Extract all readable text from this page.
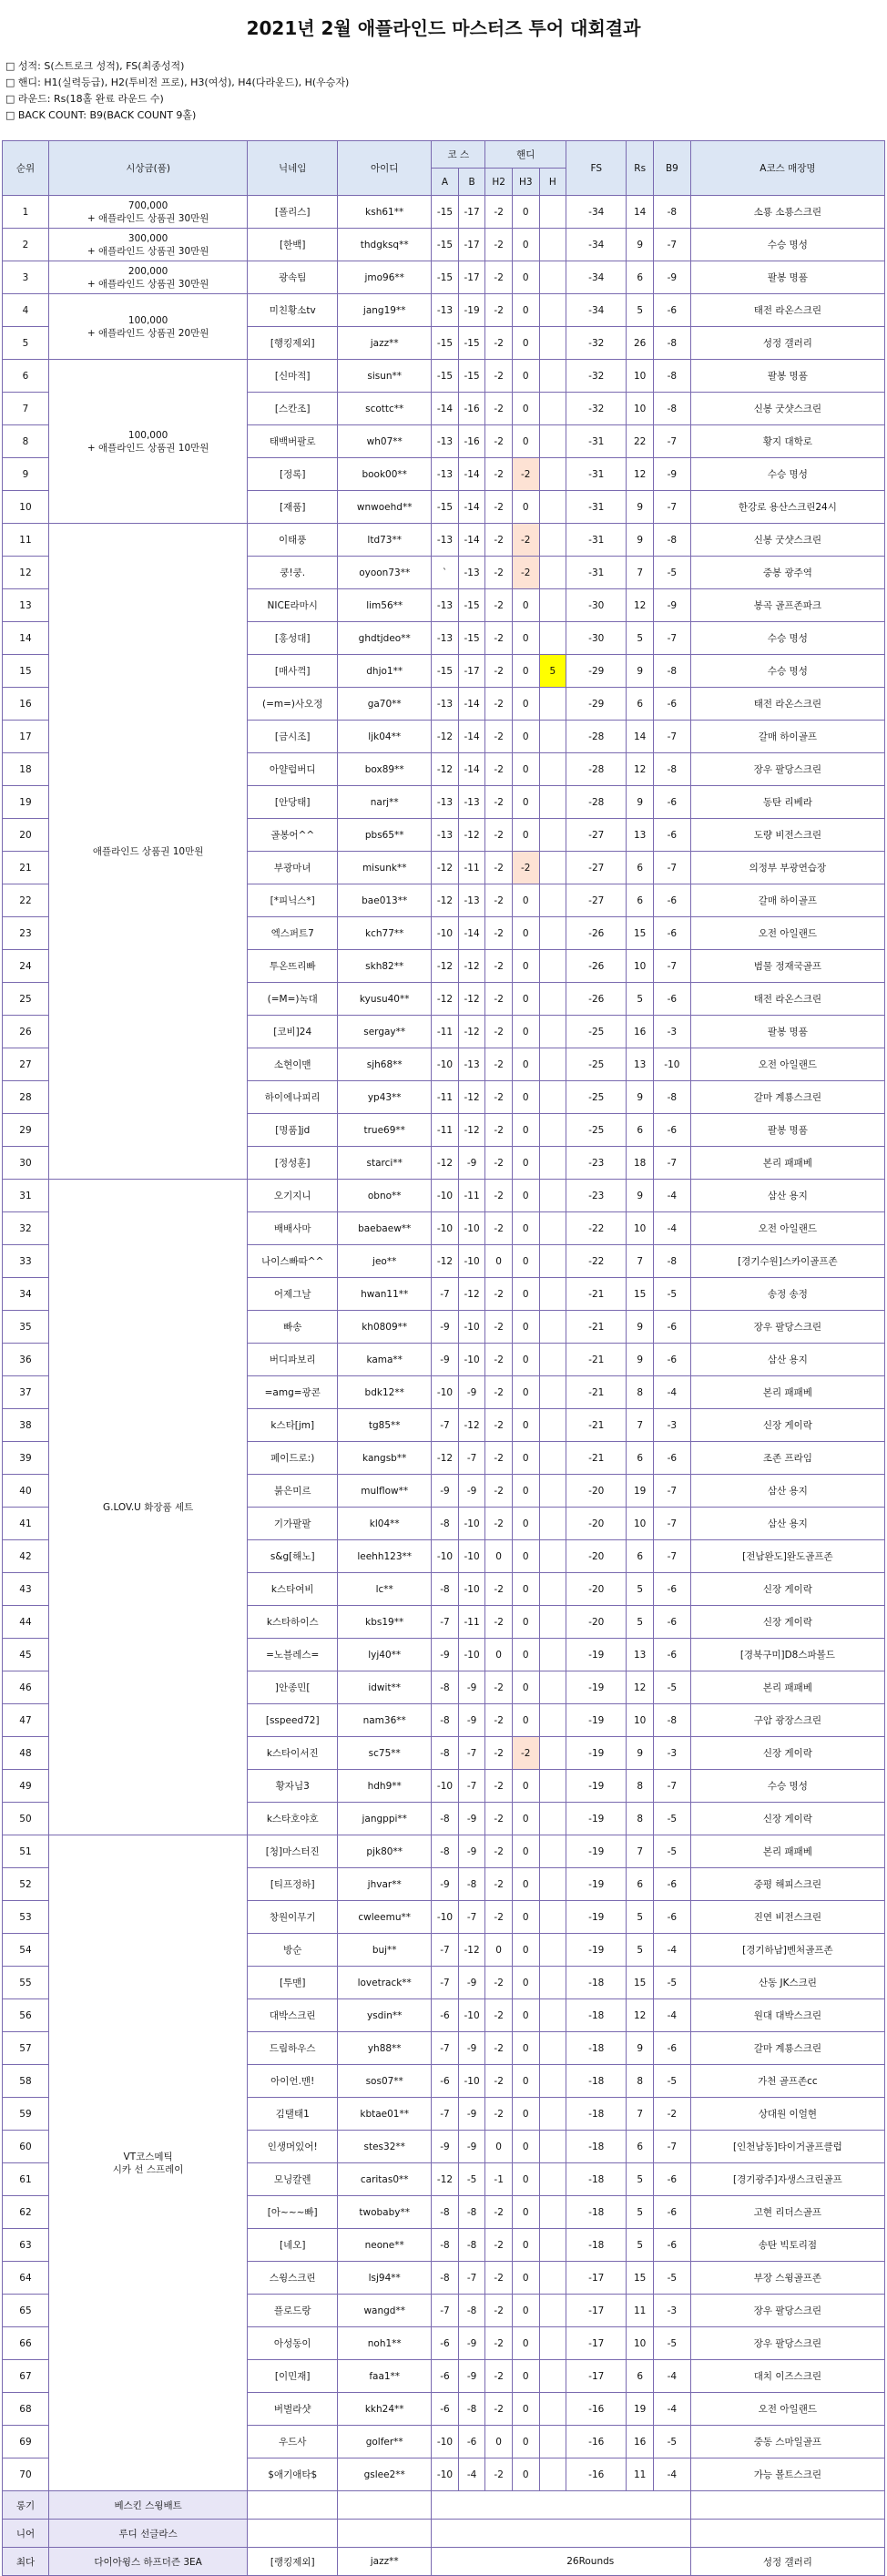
2021년 2월 애플라인드 마스터즈 투어 대회결과
□ 성적: S(스트로크 성적), FS(최종성적)
□ 핸디: H1(실력등급), H2(투비전 프로), H3(여성), H4(다라운드), H(우승자)
□ 라운드: Rs(18홀 완료 라운드 수)
□ BACK COUNT: B9(BACK COUNT 9홀)
순위	시상금(품)	닉네임	아이디	코 스		핸디			FS	Rs	B9	A코스 매장명
				A	B	H2	H3	H				
1	700,000
+ 애플라인드 상품권 30만원	[폴리스]	ksh61**	-15	-17	-2	0		-34	14	-8	소룡 소룡스크린
2	300,000
+ 애플라인드 상품권 30만원	[한백]	thdgksq**	-15	-17	-2	0		-34	9	-7	수승 명성
3	200,000
+ 애플라인드 상품권 30만원	광속팀	jmo96**	-15	-17	-2	0		-34	6	-9	팔봉 명품
4	100,000
+ 애플라인드 상품권 20만원	미친황소tv	jang19**	-13	-19	-2	0		-34	5	-6	태전 라온스크린
5		[행킹제외]	jazz**	-15	-15	-2	0		-32	26	-8	성정 갤러리
6	100,000
+ 애플라인드 상품권 10만원	[신마적]	sisun**	-15	-15	-2	0		-32	10	-8	팔봉 명품
7		[스칸조]	scottc**	-14	-16	-2	0		-32	10	-8	신봉 굿샷스크린
8		태백버팔로	wh07**	-13	-16	-2	0		-31	22	-7	황지 대학로
9		[정록]	book00**	-13	-14	-2	-2		-31	12	-9	수승 명성
10		[재품]	wnwoehd**	-15	-14	-2	0		-31	9	-7	한강로 용산스크린24시
11	애플라인드 상품권 10만원	이태풍	ltd73**	-13	-14	-2	-2		-31	9	-8	신봉 굿샷스크린
12		쿵!쿵.	oyoon73**	`	-13	-2	-2		-31	7	-5	중봉 광주역
13		NICE라마시	lim56**	-13	-15	-2	0		-30	12	-9	봉곡 골프존파크
14		[홍성대]	ghdtjdeo**	-13	-15	-2	0		-30	5	-7	수승 명성
15		[매사꺽]	dhjo1**	-15	-17	-2	0	5	-29	9	-8	수승 명성
16		(=m=)사오정	ga70**	-13	-14	-2	0		-29	6	-6	태전 라온스크린
17		[금시조]	ljk04**	-12	-14	-2	0		-28	14	-7	갈매 하이골프
18		아얄럽버디	box89**	-12	-14	-2	0		-28	12	-8	장우 팔당스크린
19		[안당태]	narj**	-13	-13	-2	0		-28	9	-6	동탄 리베라
20		골봉어^^	pbs65**	-13	-12	-2	0		-27	13	-6	도량 비전스크린
21		부광마녀	misunk**	-12	-11	-2	-2		-27	6	-7	의정부 부광연습장
22		[*피닉스*]	bae013**	-12	-13	-2	0		-27	6	-6	갈매 하이골프
23		엑스퍼트7	kch77**	-10	-14	-2	0		-26	15	-6	오전 아일랜드
24		투온뜨리빠	skh82**	-12	-12	-2	0		-26	10	-7	범물 정재국골프
25		(=M=)녹대	kyusu40**	-12	-12	-2	0		-26	5	-6	태전 라온스크린
26		[코비]24	sergay**	-11	-12	-2	0		-25	16	-3	팔봉 명품
27		소현이맨	sjh68**	-10	-13	-2	0		-25	13	-10	오전 아일랜드
28		하이에나피리	yp43**	-11	-12	-2	0		-25	9	-8	갈마 계룡스크린
29		[명품]jd	true69**	-11	-12	-2	0		-25	6	-6	팔봉 명품
30		[정성훈]	starci**	-12	-9	-2	0		-23	18	-7	본리 패패베
31	G.LOV.U 화장품 세트	오기지니	obno**	-10	-11	-2	0		-23	9	-4	삼산 용지
32		배배사마	baebaew**	-10	-10	-2	0		-22	10	-4	오전 아일랜드
33		나이스빠따^^	jeo**	-12	-10	0	0		-22	7	-8	[경기수원]스카이골프존
34		어제그날	hwan11**	-7	-12	-2	0		-21	15	-5	송정 송정
35		빠송	kh0809**	-9	-10	-2	0		-21	9	-6	장우 팔당스크린
36		버디파보리	kama**	-9	-10	-2	0		-21	9	-6	삼산 용지
37		=amg=광콘	bdk12**	-10	-9	-2	0		-21	8	-4	본리 패패베
38		k스타[jm]	tg85**	-7	-12	-2	0		-21	7	-3	신장 게이락
39		페이드로:)	kangsb**	-12	-7	-2	0		-21	6	-6	조존 프라임
40		붉은미르	mulflow**	-9	-9	-2	0		-20	19	-7	삼산 용지
41		기가팔팔	kl04**	-8	-10	-2	0		-20	10	-7	삼산 용지
42		s&g[해노]	leehh123**	-10	-10	0	0		-20	6	-7	[전남완도]완도골프존
43		k스타여비	lc**	-8	-10	-2	0		-20	5	-6	신장 게이락
44		k스타하이스	kbs19**	-7	-11	-2	0		-20	5	-6	신장 게이락
45		=노블레스=	lyj40**	-9	-10	0	0		-19	13	-6	[경북구미]D8스파볼드
46		]안종민[	idwit**	-8	-9	-2	0		-19	12	-5	본리 패패베
47		[sspeed72]	nam36**	-8	-9	-2	0		-19	10	-8	구암 광장스크린
48		k스타이서진	sc75**	-8	-7	-2	-2		-19	9	-3	신장 게이락
49		황자님3	hdh9**	-10	-7	-2	0		-19	8	-7	수승 명성
50		k스타호야호	jangppi**	-8	-9	-2	0		-19	8	-5	신장 게이락
51	VT코스메틱
시카 선 스프레이	[청]마스터진	pjk80**	-8	-9	-2	0		-19	7	-5	본리 패패베
52		[티프정하]	jhvar**	-9	-8	-2	0		-19	6	-6	중평 해피스크린
53		창원이무기	cwleemu**	-10	-7	-2	0		-19	5	-6	진연 비전스크린
54		방순	buj**	-7	-12	0	0		-19	5	-4	[경기하남]벤처골프존
55		[투맨]	lovetrack**	-7	-9	-2	0		-18	15	-5	산동 JK스크린
56		대박스크린	ysdin**	-6	-10	-2	0		-18	12	-4	원대 대박스크린
57		드림하우스	yh88**	-7	-9	-2	0		-18	9	-6	갈마 계룡스크린
58		아이언.맨!	sos07**	-6	-10	-2	0		-18	8	-5	가천 골프존cc
59		김탤태1	kbtae01**	-7	-9	-2	0		-18	7	-2	상대원 이얼현
60		인생머있어!	stes32**	-9	-9	0	0		-18	6	-7	[인천남동]타이거골프클럽
61		모닝칼렌	caritas0**	-12	-5	-1	0		-18	5	-6	[경기광주]자생스크린골프
62		[아~~~빠]	twobaby**	-8	-8	-2	0		-18	5	-6	고현 리더스골프
63		[네오]	neone**	-8	-8	-2	0		-18	5	-6	송탄 빅토리점
64		스윙스크린	lsj94**	-8	-7	-2	0		-17	15	-5	부장 스윙골프존
65		플로드랑	wangd**	-7	-8	-2	0		-17	11	-3	장우 팔당스크린
66		아성동이	noh1**	-6	-9	-2	0		-17	10	-5	장우 팔당스크린
67		[이민재]	faa1**	-6	-9	-2	0		-17	6	-4	대치 이즈스크린
68		버벌라샷	kkh24**	-6	-8	-2	0		-16	19	-4	오전 아일랜드
69		우드사	golfer**	-10	-6	0	0		-16	16	-5	중동 스마일골프
70		$애기애타$	gslee2**	-10	-4	-2	0		-16	11	-4	가능 볼트스크린
롱기	베스킨 스윙배트											
니어	루디 선글라스											
최다	다이아윙스 하프더즌 3EA	[랭킹제외]	jazz**	26Rounds								성정 갤러리
